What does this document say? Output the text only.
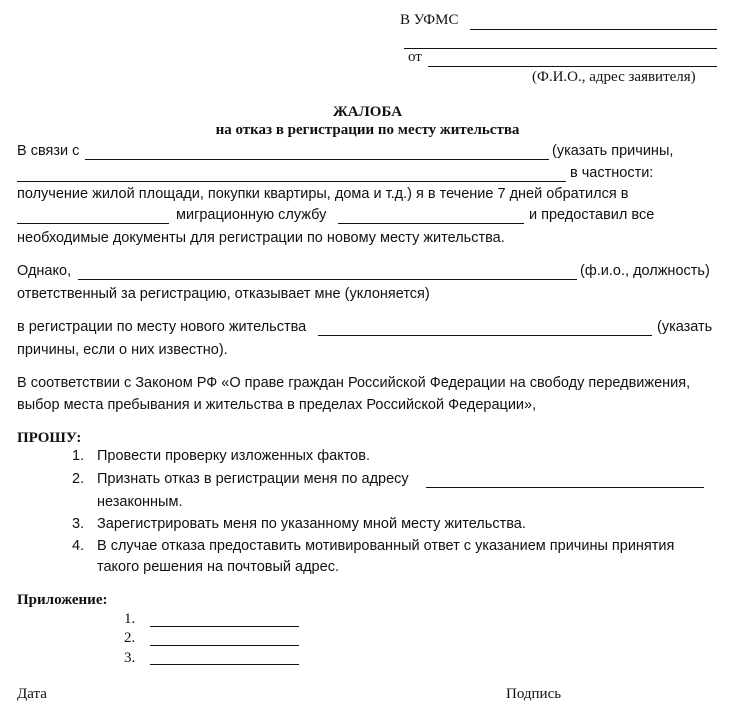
В УФМС
от
(Ф.И.О., адрес заявителя)
ЖАЛОБА
на отказ в регистрации по месту жительства
В связи с	(указать причины,
в частности:
получение жилой площади, покупки квартиры, дома и т.д.) я в течение 7 дней обратился в
миграционную службу	и предоставил все
необходимые документы для регистрации по новому месту жительства.
Однако,	(ф.и.о., должность)
ответственный за регистрацию, отказывает мне (уклоняется)
в регистрации по месту нового жительства	(указать
причины, если о них известно).
В соответствии с Законом РФ «О праве граждан Российской Федерации на свободу передвижения,
выбор места пребывания и жительства в пределах Российской Федерации»,
ПРОШУ:
1. Провести проверку изложенных фактов.
2. Признать отказ в регистрации меня по адресу
незаконным.
3. Зарегистрировать меня по указанному мной месту жительства.
4. В случае отказа предоставить мотивированный ответ с указанием причины принятия
такого решения на почтовый адрес.
Приложение:
1.
2.
3.
Дата	Подпись
